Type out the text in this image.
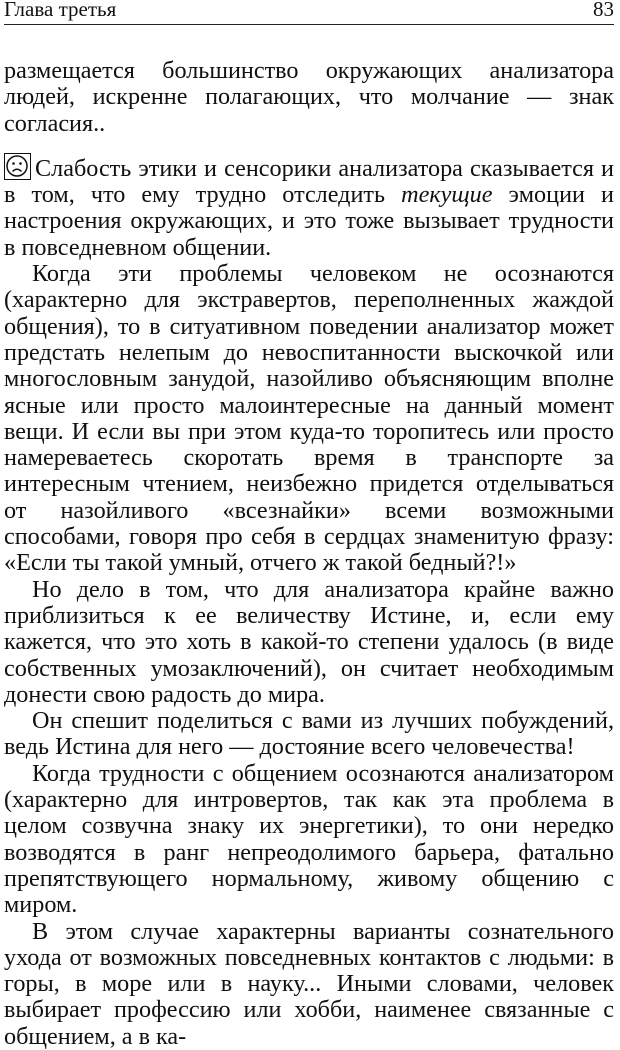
Глава третья	83

размещается большинство окружающих анализатора людей, искренне полагающих, что молчание — знак согласия..

Слабость этики и сенсорики анализатора сказывается и в том, что ему трудно отследить текущие эмоции и настроения окружающих, и это тоже вызывает трудности в повседневном общении.

Когда эти проблемы человеком не осознаются (характерно для экстравертов, переполненных жаждой общения), то в ситуативном поведении анализатор может предстать нелепым до невоспитанности выскочкой или многословным занудой, назойливо объясняющим вполне ясные или просто малоинтересные на данный момент вещи. И если вы при этом куда-то торопитесь или просто намереваетесь скоротать время в транспорте за интересным чтением, неизбежно придется отделываться от назойливого «всезнайки» всеми возможными способами, говоря про себя в сердцах знаменитую фразу: «Если ты такой умный, отчего ж такой бедный?!»

Но дело в том, что для анализатора крайне важно приблизиться к ее величеству Истине, и, если ему кажется, что это хоть в какой-то степени удалось (в виде собственных умозаключений), он считает необходимым донести свою радость до мира.

Он спешит поделиться с вами из лучших побуждений, ведь Истина для него — достояние всего человечества!

Когда трудности с общением осознаются анализатором (характерно для интровертов, так как эта проблема в целом созвучна знаку их энергетики), то они нередко возводятся в ранг непреодолимого барьера, фатально препятствующего нормальному, живому общению с миром.

В этом случае характерны варианты сознательного ухода от возможных повседневных контактов с людьми: в горы, в море или в науку... Иными словами, человек выбирает профессию или хобби, наименее связанные с общением, а в ка-
